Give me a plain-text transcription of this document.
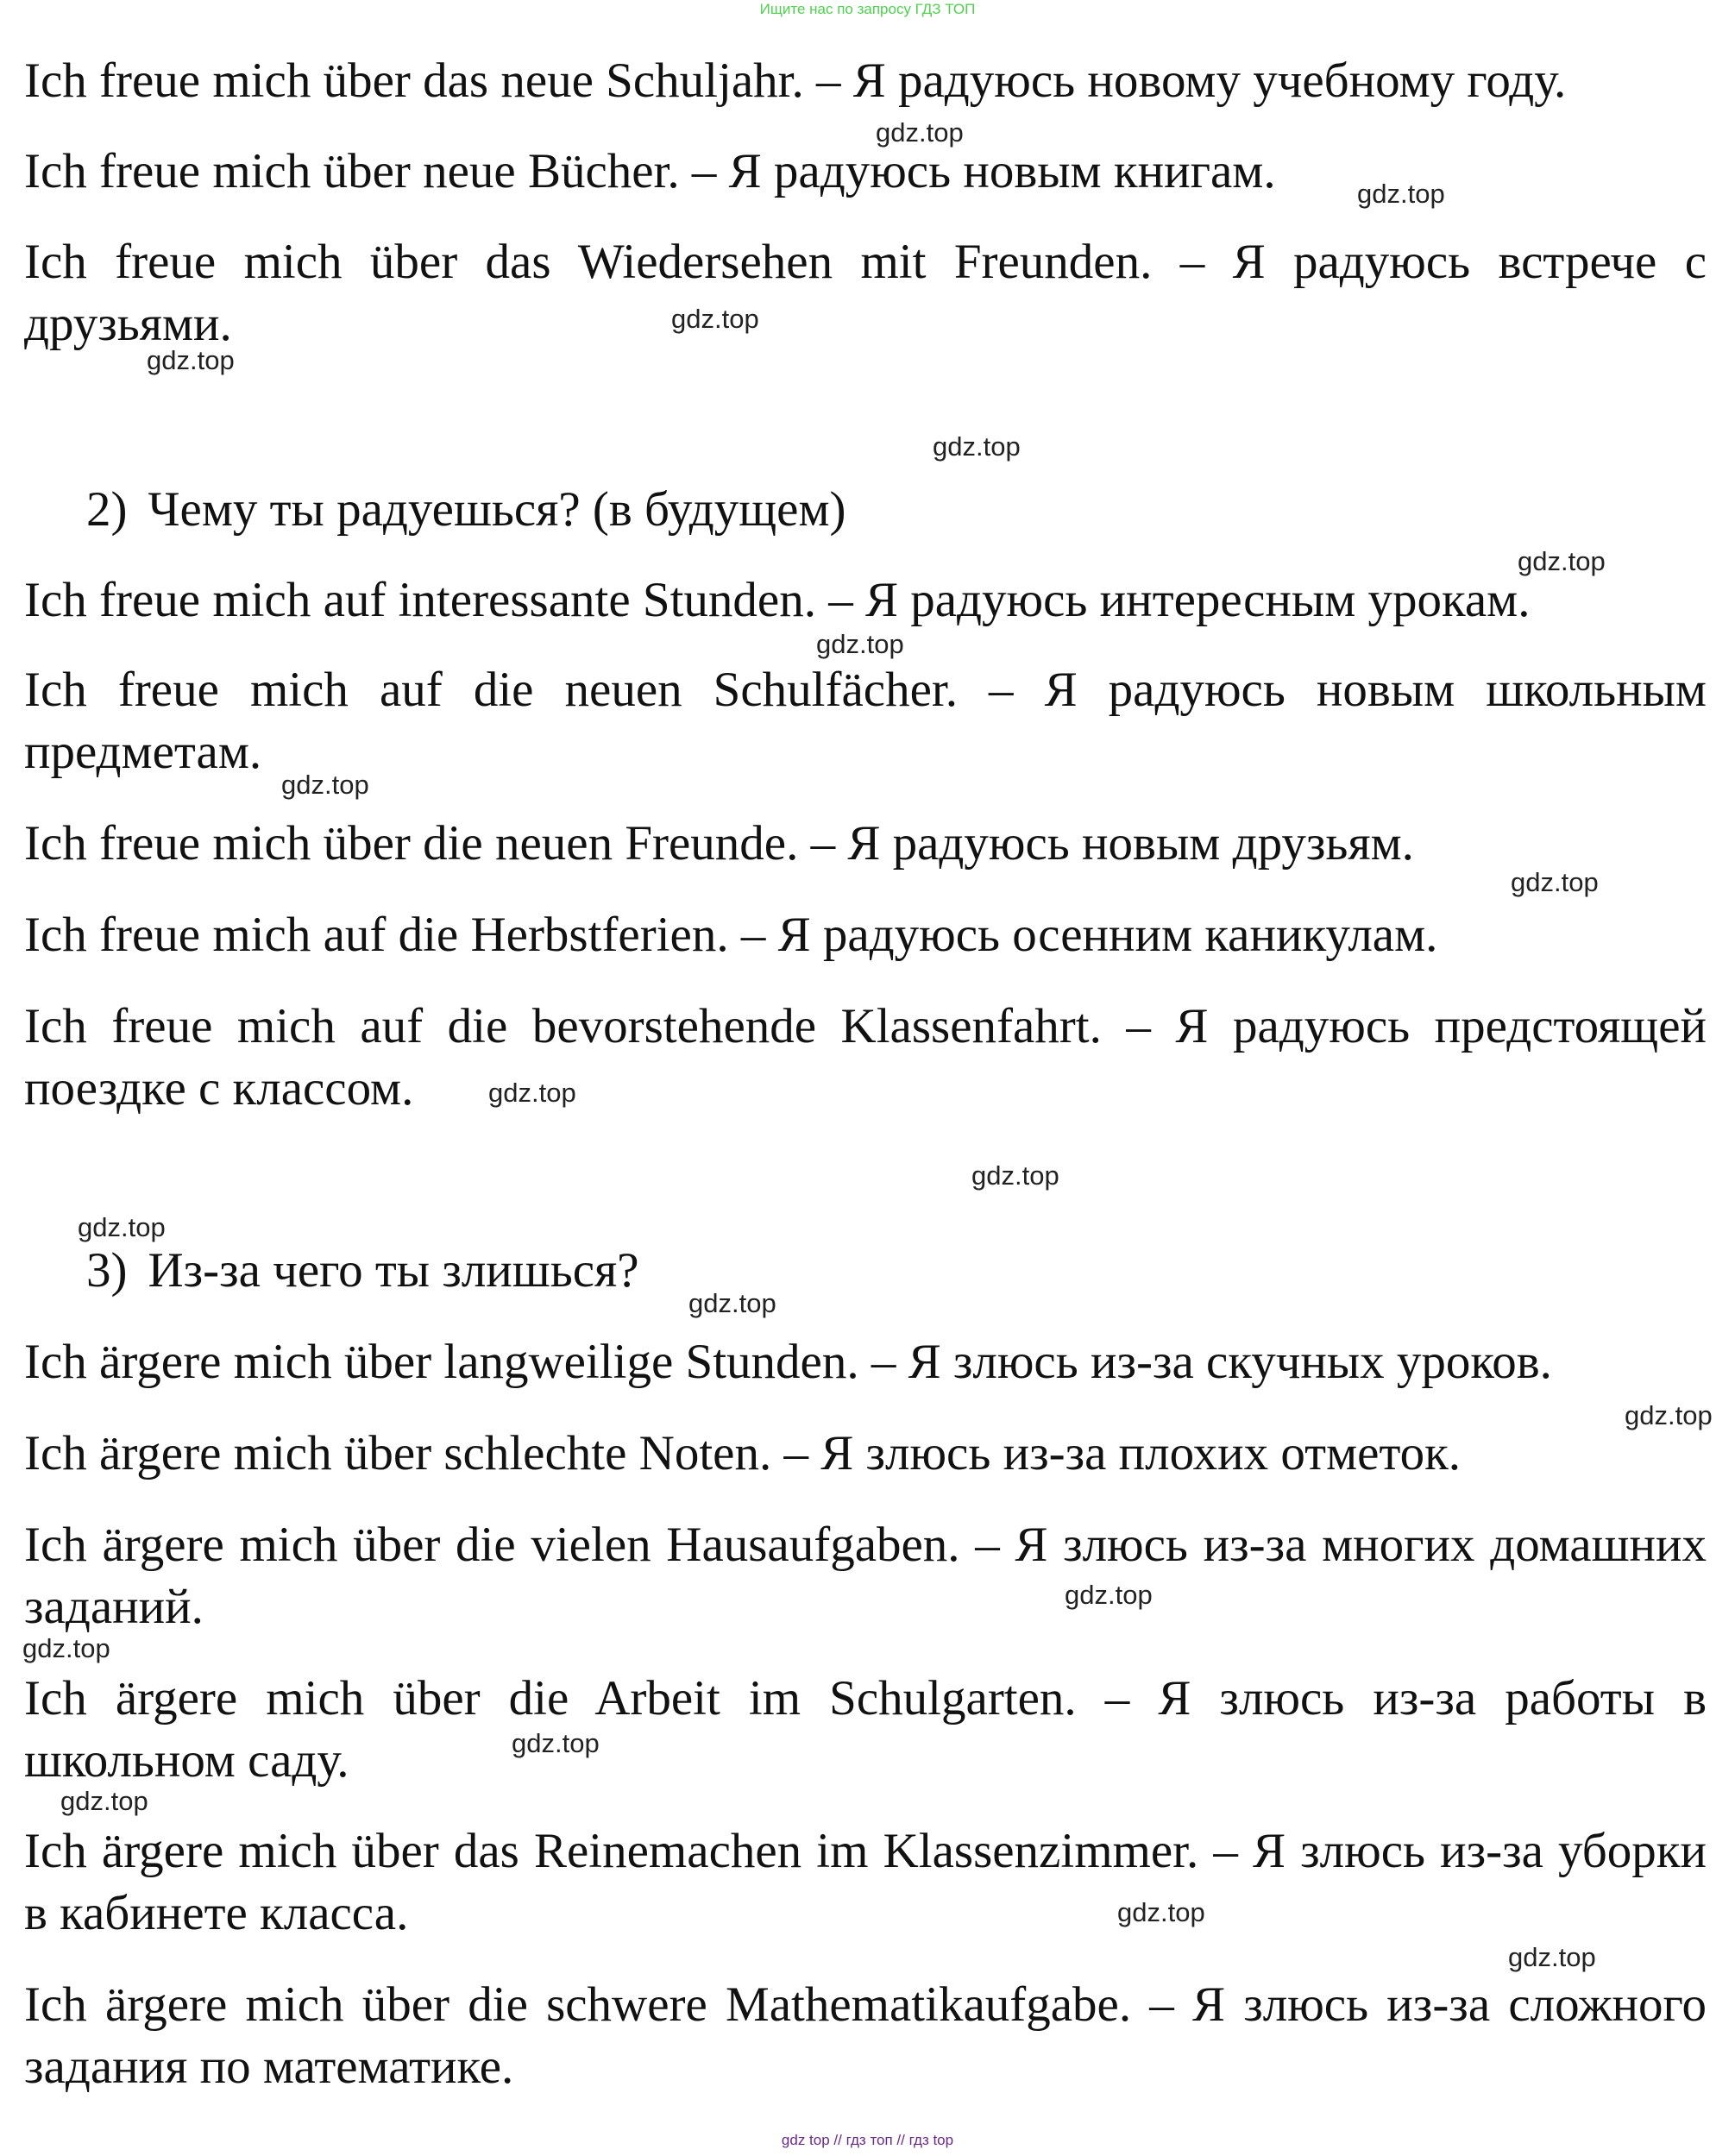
Ищите нас по запросу ГДЗ ТОП

Ich freue mich über das neue Schuljahr. – Я радуюсь новому учебному году.

Ich freue mich über neue Bücher. – Я радуюсь новым книгам.

Ich freue mich über das Wiedersehen mit Freunden. – Я радуюсь встрече с друзьями.

2) Чему ты радуешься? (в будущем)

Ich freue mich auf interessante Stunden. – Я радуюсь интересным урокам.

Ich freue mich auf die neuen Schulfächer. – Я радуюсь новым школьным предметам.

Ich freue mich über die neuen Freunde. – Я радуюсь новым друзьям.

Ich freue mich auf die Herbstferien. – Я радуюсь осенним каникулам.

Ich freue mich auf die bevorstehende Klassenfahrt. – Я радуюсь предстоящей поездке с классом.

3) Из-за чего ты злишься?

Ich ärgere mich über langweilige Stunden. – Я злюсь из-за скучных уроков.

Ich ärgere mich über schlechte Noten. – Я злюсь из-за плохих отметок.

Ich ärgere mich über die vielen Hausaufgaben. – Я злюсь из-за многих домашних заданий.

Ich ärgere mich über die Arbeit im Schulgarten. – Я злюсь из-за работы в школьном саду.

Ich ärgere mich über das Reinemachen im Klassenzimmer. – Я злюсь из-за уборки в кабинете класса.

Ich ärgere mich über die schwere Mathematikaufgabe. – Я злюсь из-за сложного задания по математике.

gdz.top
gdz.top
gdz.top
gdz.top
gdz.top
gdz.top
gdz.top
gdz.top
gdz.top
gdz.top
gdz.top
gdz.top
gdz.top
gdz.top
gdz.top
gdz.top
gdz.top
gdz.top
gdz.top
gdz.top
gdz top // гдз топ // гдз top
